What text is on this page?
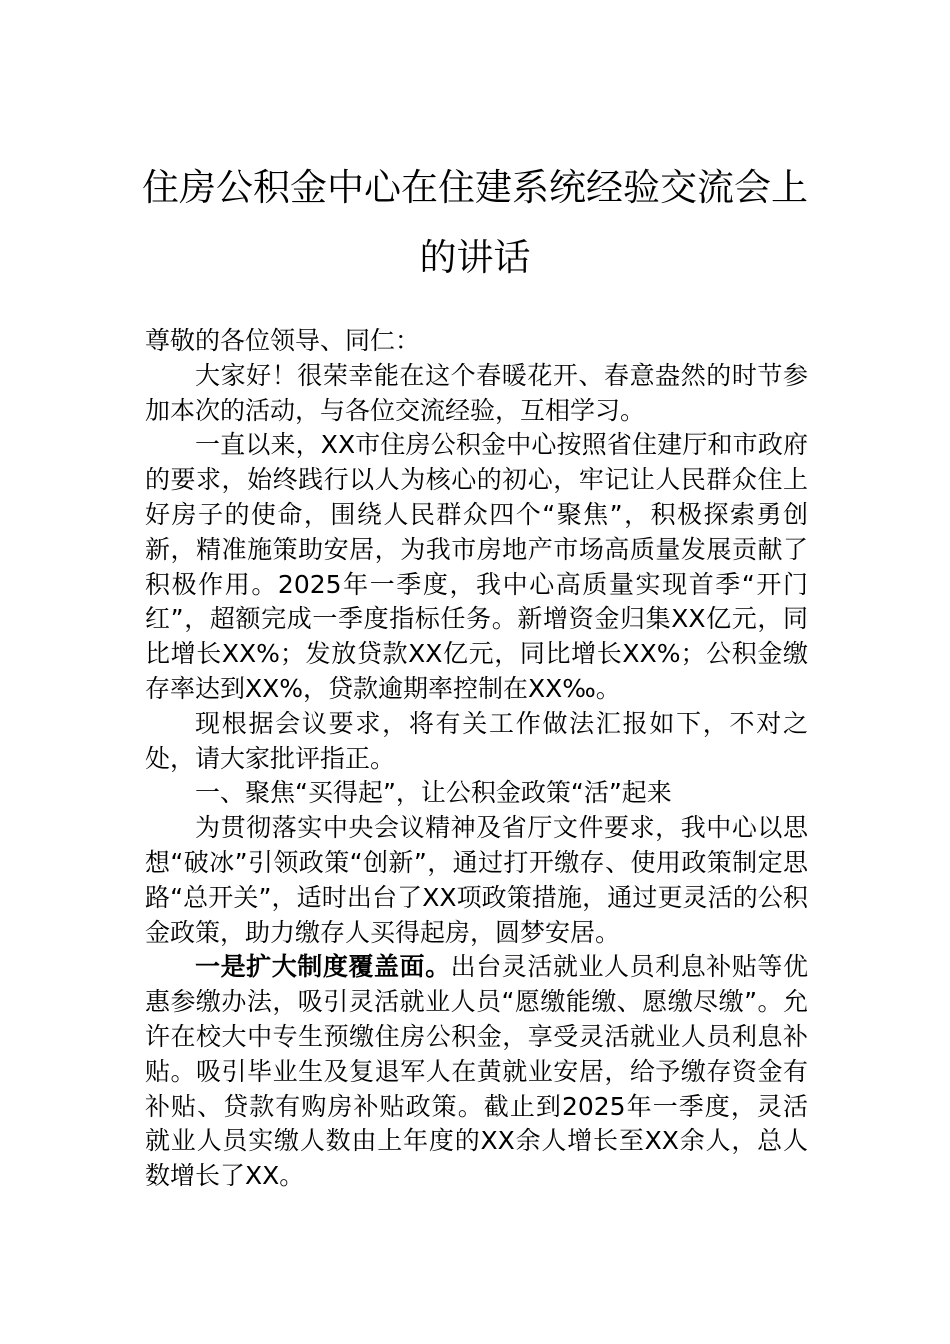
住房公积金中心在住建系统经验交流会上
的讲话

尊敬的各位领导、同仁：

大家好！很荣幸能在这个春暖花开、春意盎然的时节参加本次的活动，与各位交流经验，互相学习。

一直以来，XX市住房公积金中心按照省住建厅和市政府的要求，始终践行以人为核心的初心，牢记让人民群众住上好房子的使命，围绕人民群众四个“聚焦”，积极探索勇创新，精准施策助安居，为我市房地产市场高质量发展贡献了积极作用。2025年一季度，我中心高质量实现首季“开门红”，超额完成一季度指标任务。新增资金归集XX亿元，同比增长XX%；发放贷款XX亿元，同比增长XX%；公积金缴存率达到XX%，贷款逾期率控制在XX‰。

现根据会议要求，将有关工作做法汇报如下，不对之处，请大家批评指正。

一、聚焦“买得起”，让公积金政策“活”起来

为贯彻落实中央会议精神及省厅文件要求，我中心以思想“破冰”引领政策“创新”，通过打开缴存、使用政策制定思路“总开关”，适时出台了XX项政策措施，通过更灵活的公积金政策，助力缴存人买得起房，圆梦安居。

一是扩大制度覆盖面。出台灵活就业人员利息补贴等优惠参缴办法，吸引灵活就业人员“愿缴能缴、愿缴尽缴”。允许在校大中专生预缴住房公积金，享受灵活就业人员利息补贴。吸引毕业生及复退军人在黄就业安居，给予缴存资金有补贴、贷款有购房补贴政策。截止到2025年一季度，灵活就业人员实缴人数由上年度的XX余人增长至XX余人，总人数增长了XX。
